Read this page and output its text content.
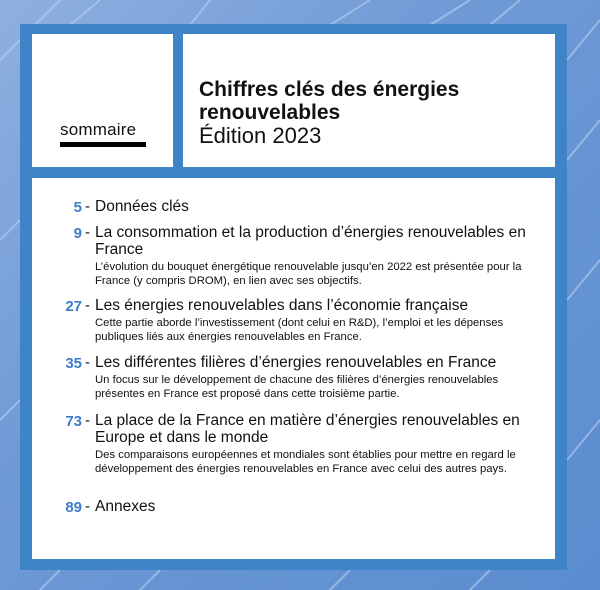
sommaire
Chiffres clés des énergies
renouvelables
Édition 2023
5 - Données clés
9 - La consommation et la production d’énergies renouvelables en France
L’évolution du bouquet énergétique renouvelable jusqu’en 2022 est présentée pour la France (y compris DROM), en lien avec ses objectifs.
27 - Les énergies renouvelables dans l’économie française
Cette partie aborde l’investissement (dont celui en R&D), l’emploi et les dépenses publiques liés aux énergies renouvelables en France.
35 - Les différentes filières d’énergies renouvelables en France
Un focus sur le développement de chacune des filières d’énergies renouvelables présentes en France est proposé dans cette troisième partie.
73 - La place de la France en matière d’énergies renouvelables en Europe et dans le monde
Des comparaisons européennes et mondiales sont établies pour mettre en regard le développement des énergies renouvelables en France avec celui des autres pays.
89 - Annexes
